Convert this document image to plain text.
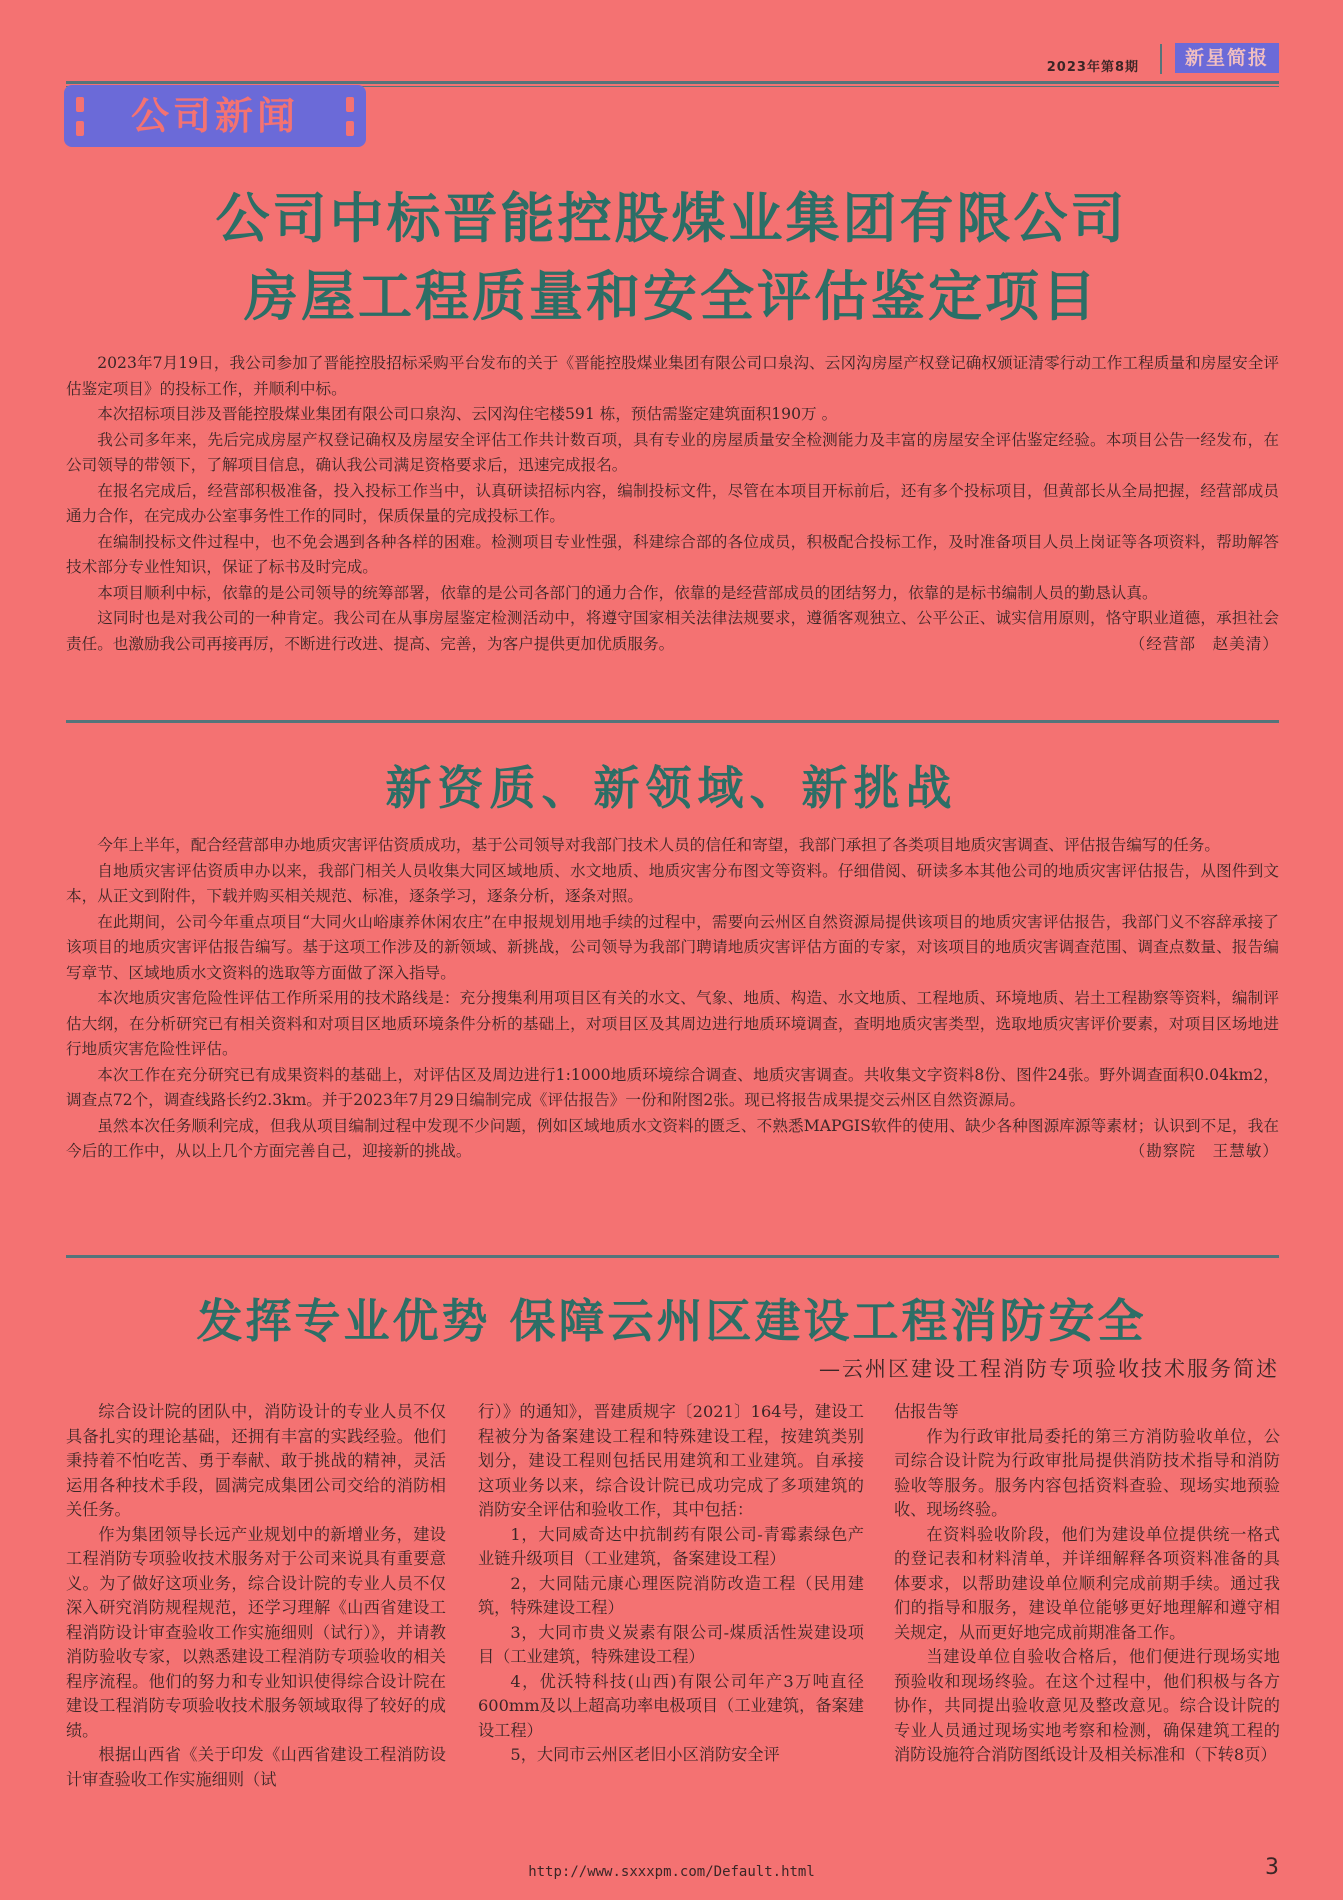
2023年第8期	新星简报
公司新闻
公司中标晋能控股煤业集团有限公司
房屋工程质量和安全评估鉴定项目

2023年7月19日，我公司参加了晋能控股招标采购平台发布的关于《晋能控股煤业集团有限公司口泉沟、云冈沟房屋产权登记确权颁证清零行动工作工程质量和房屋安全评估鉴定项目》的投标工作，并顺利中标。

本次招标项目涉及晋能控股煤业集团有限公司口泉沟、云冈沟住宅楼591 栋，预估需鉴定建筑面积190万 。

我公司多年来，先后完成房屋产权登记确权及房屋安全评估工作共计数百项，具有专业的房屋质量安全检测能力及丰富的房屋安全评估鉴定经验。本项目公告一经发布，在公司领导的带领下，了解项目信息，确认我公司满足资格要求后，迅速完成报名。

在报名完成后，经营部积极准备，投入投标工作当中，认真研读招标内容，编制投标文件，尽管在本项目开标前后，还有多个投标项目，但黄部长从全局把握，经营部成员通力合作，在完成办公室事务性工作的同时，保质保量的完成投标工作。

在编制投标文件过程中，也不免会遇到各种各样的困难。检测项目专业性强，科建综合部的各位成员，积极配合投标工作，及时准备项目人员上岗证等各项资料，帮助解答技术部分专业性知识，保证了标书及时完成。

本项目顺利中标，依靠的是公司领导的统筹部署，依靠的是公司各部门的通力合作，依靠的是经营部成员的团结努力，依靠的是标书编制人员的勤恳认真。

这同时也是对我公司的一种肯定。我公司在从事房屋鉴定检测活动中，将遵守国家相关法律法规要求，遵循客观独立、公平公正、诚实信用原则，恪守职业道德，承担社会责任。也激励我公司再接再厉，不断进行改进、提高、完善，为客户提供更加优质服务。	（经营部　赵美清）

新资质、新领域、新挑战

今年上半年，配合经营部申办地质灾害评估资质成功，基于公司领导对我部门技术人员的信任和寄望，我部门承担了各类项目地质灾害调查、评估报告编写的任务。

自地质灾害评估资质申办以来，我部门相关人员收集大同区域地质、水文地质、地质灾害分布图文等资料。仔细借阅、研读多本其他公司的地质灾害评估报告，从图件到文本，从正文到附件，下载并购买相关规范、标准，逐条学习，逐条分析，逐条对照。

在此期间，公司今年重点项目“大同火山峪康养休闲农庄”在申报规划用地手续的过程中，需要向云州区自然资源局提供该项目的地质灾害评估报告，我部门义不容辞承接了该项目的地质灾害评估报告编写。基于这项工作涉及的新领域、新挑战，公司领导为我部门聘请地质灾害评估方面的专家，对该项目的地质灾害调查范围、调查点数量、报告编写章节、区域地质水文资料的选取等方面做了深入指导。

本次地质灾害危险性评估工作所采用的技术路线是：充分搜集利用项目区有关的水文、气象、地质、构造、水文地质、工程地质、环境地质、岩土工程勘察等资料，编制评估大纲，在分析研究已有相关资料和对项目区地质环境条件分析的基础上，对项目区及其周边进行地质环境调查，查明地质灾害类型，选取地质灾害评价要素，对项目区场地进行地质灾害危险性评估。

本次工作在充分研究已有成果资料的基础上，对评估区及周边进行1:1000地质环境综合调查、地质灾害调查。共收集文字资料8份、图件24张。野外调查面积0.04km2，调查点72个，调查线路长约2.3km。并于2023年7月29日编制完成《评估报告》一份和附图2张。现已将报告成果提交云州区自然资源局。

虽然本次任务顺利完成，但我从项目编制过程中发现不少问题，例如区域地质水文资料的匮乏、不熟悉MAPGIS软件的使用、缺少各种图源库源等素材；认识到不足，我在今后的工作中，从以上几个方面完善自己，迎接新的挑战。	（勘察院　王慧敏）

发挥专业优势 保障云州区建设工程消防安全
—云州区建设工程消防专项验收技术服务简述

综合设计院的团队中，消防设计的专业人员不仅具备扎实的理论基础，还拥有丰富的实践经验。他们秉持着不怕吃苦、勇于奉献、敢于挑战的精神，灵活运用各种技术手段，圆满完成集团公司交给的消防相关任务。

作为集团领导长远产业规划中的新增业务，建设工程消防专项验收技术服务对于公司来说具有重要意义。为了做好这项业务，综合设计院的专业人员不仅深入研究消防规程规范，还学习理解《山西省建设工程消防设计审查验收工作实施细则（试行）》，并请教消防验收专家，以熟悉建设工程消防专项验收的相关程序流程。他们的努力和专业知识使得综合设计院在建设工程消防专项验收技术服务领域取得了较好的成绩。

根据山西省《关于印发《山西省建设工程消防设计审查验收工作实施细则（试

行）》的通知》，晋建质规字〔2021〕164号，建设工程被分为备案建设工程和特殊建设工程，按建筑类别划分，建设工程则包括民用建筑和工业建筑。自承接这项业务以来，综合设计院已成功完成了多项建筑的消防安全评估和验收工作，其中包括：

1，大同威奇达中抗制药有限公司-青霉素绿色产业链升级项目（工业建筑，备案建设工程）

2，大同陆元康心理医院消防改造工程（民用建筑，特殊建设工程）

3，大同市贵义炭素有限公司-煤质活性炭建设项目（工业建筑，特殊建设工程）

4，优沃特科技(山西)有限公司年产3万吨直径600mm及以上超高功率电极项目（工业建筑，备案建设工程）

5，大同市云州区老旧小区消防安全评

估报告等

作为行政审批局委托的第三方消防验收单位，公司综合设计院为行政审批局提供消防技术指导和消防验收等服务。服务内容包括资料查验、现场实地预验收、现场终验。

在资料验收阶段，他们为建设单位提供统一格式的登记表和材料清单，并详细解释各项资料准备的具体要求，以帮助建设单位顺利完成前期手续。通过我们的指导和服务，建设单位能够更好地理解和遵守相关规定，从而更好地完成前期准备工作。

当建设单位自验收合格后，他们便进行现场实地预验收和现场终验。在这个过程中，他们积极与各方协作，共同提出验收意见及整改意见。综合设计院的专业人员通过现场实地考察和检测，确保建筑工程的消防设施符合消防图纸设计及相关标准和（下转8页）

http://www.sxxxpm.com/Default.html	3
